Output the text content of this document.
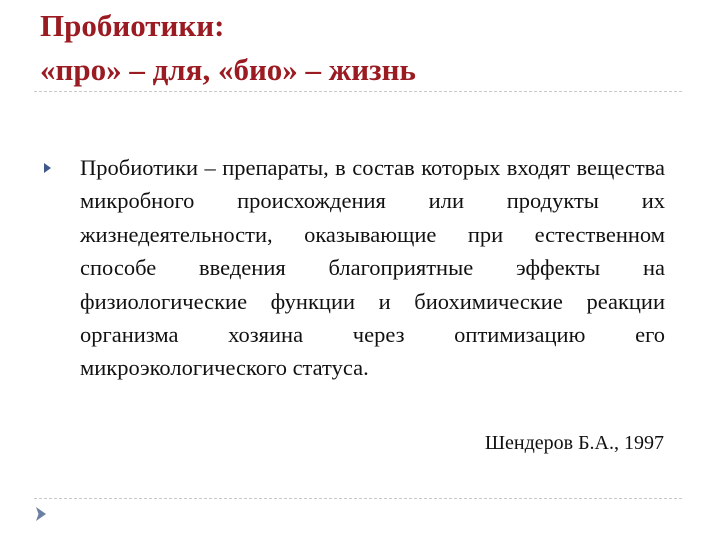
Пробиотики:
«про» – для, «био» – жизнь

Пробиотики – препараты, в состав которых входят вещества микробного происхождения или продукты их жизнедеятельности, оказывающие при естественном способе введения благоприятные эффекты на физиологические функции и биохимические реакции организма хозяина через оптимизацию его микроэкологического статуса.

Шендеров Б.А., 1997
